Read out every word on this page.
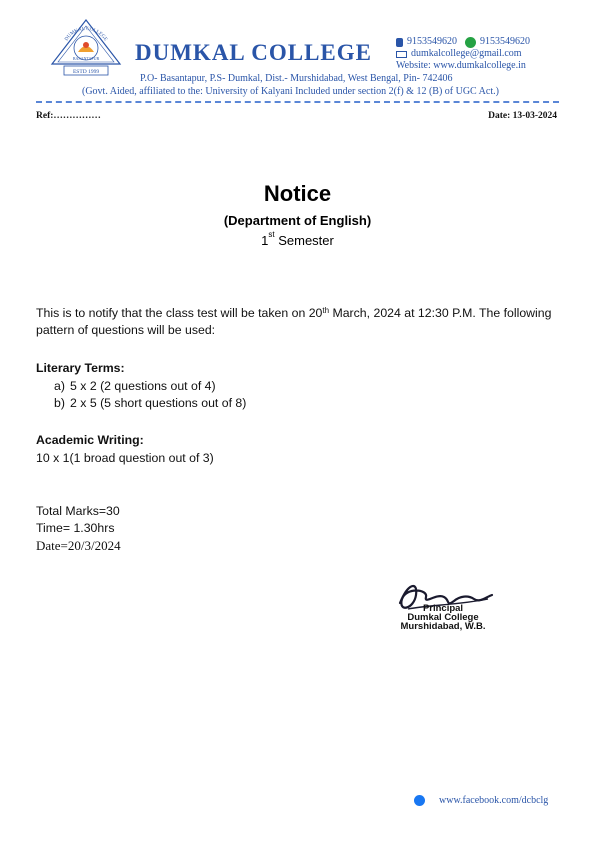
DUMKAL COLLEGE
BASANTAPUR
ESTD 1999
DUMKAL COLLEGE	9153549620 9153549620
dumkalcollege@gmail.com
Website: www.dumkalcollege.in
P.O- Basantapur, P.S- Dumkal, Dist.- Murshidabad, West Bengal, Pin- 742406
(Govt. Aided, affiliated to the: University of Kalyani Included under section 2(f) & 12 (B) of UGC Act.)
Ref:……………	Date: 13-03-2024
Notice
(Department of English)
1st Semester
This is to notify that the class test will be taken on 20th March, 2024 at 12:30 P.M. The following pattern of questions will be used:
Literary Terms:
a) 5 x 2 (2 questions out of 4)
b) 2 x 5 (5 short questions out of 8)
Academic Writing:
10 x 1(1 broad question out of 3)
Total Marks=30
Time= 1.30hrs
Date=20/3/2024
Principal
Dumkal College
Murshidabad, W.B.
www.facebook.com/dcbclg
